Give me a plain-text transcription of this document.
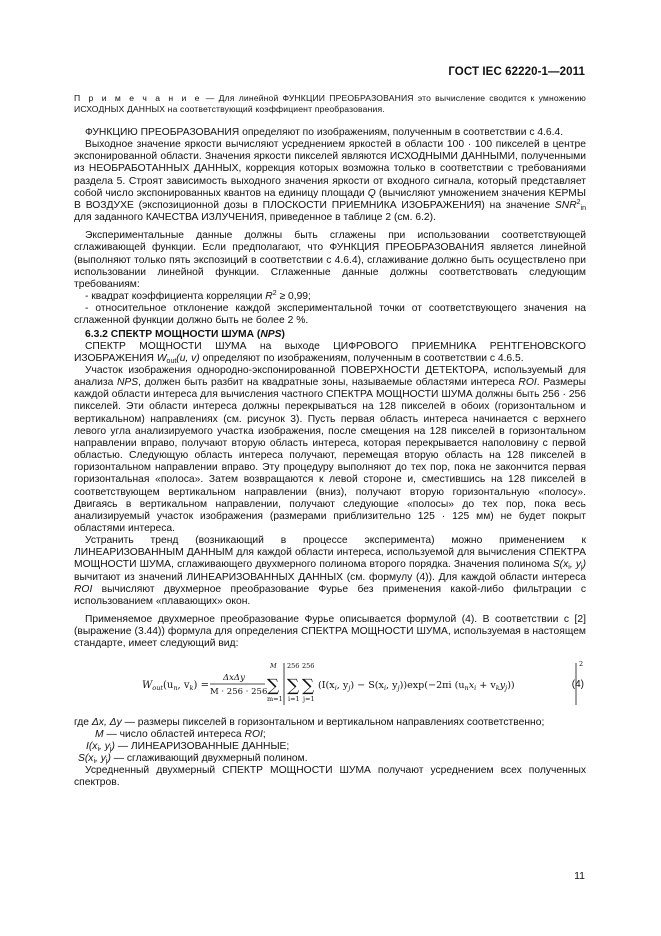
ГОСТ IEC 62220-1—2011

П р и м е ч а н и е — Для линейной ФУНКЦИИ ПРЕОБРАЗОВАНИЯ это вычисление сводится к умножению ИСХОДНЫХ ДАННЫХ на соответствующий коэффициент преобразования.

ФУНКЦИЮ ПРЕОБРАЗОВАНИЯ определяют по изображениям, полученным в соответствии с 4.6.4.

Выходное значение яркости вычисляют усреднением яркостей в области 100 · 100 пикселей в центре экспонированной области. Значения яркости пикселей являются ИСХОДНЫМИ ДАННЫМИ, полученными из НЕОБРАБОТАННЫХ ДАННЫХ, коррекция которых возможна только в соответствии с требованиями раздела 5. Строят зависимость выходного значения яркости от входного сигнала, который представляет собой число экспонированных квантов на единицу площади Q (вычисляют умножением значения КЕРМЫ В ВОЗДУХЕ (экспозиционной дозы в ПЛОСКОСТИ ПРИЕМНИКА ИЗОБРАЖЕНИЯ) на значение $SNR^2_{in}$ для заданного КАЧЕСТВА ИЗЛУЧЕНИЯ, приведенное в таблице 2 (см. 6.2).

Экспериментальные данные должны быть сглажены при использовании соответствующей сглаживающей функции. Если предполагают, что ФУНКЦИЯ ПРЕОБРАЗОВАНИЯ является линейной (выполняют только пять экспозиций в соответствии с 4.6.4), сглаживание должно быть осуществлено при использовании линейной функции. Сглаженные данные должны соответствовать следующим требованиям:

- квадрат коэффициента корреляции $R^2 \ge 0,99$;

- относительное отклонение каждой экспериментальной точки от соответствующего значения на сглаженной функции должно быть не более 2 %.

6.3.2 СПЕКТР МОЩНОСТИ ШУМА (NPS)

СПЕКТР МОЩНОСТИ ШУМА на выходе ЦИФРОВОГО ПРИЕМНИКА РЕНТГЕНОВСКОГО ИЗОБРАЖЕНИЯ $W_{out}(u$, v) определяют по изображениям, полученным в соответствии с 4.6.5.

Участок изображения однородно-экспонированной ПОВЕРХНОСТИ ДЕТЕКТОРА, используемый для анализа NPS, должен быть разбит на квадратные зоны, называемые областями интереса ROI. Размеры каждой области интереса для вычисления частного СПЕКТРА МОЩНОСТИ ШУМА должны быть 256 · 256 пикселей. Эти области интереса должны перекрываться на 128 пикселей в обоих (горизонтальном и вертикальном) направлениях (см. рисунок 3). Пусть первая область интереса начинается с верхнего левого угла анализируемого участка изображения, после смещения на 128 пикселей в горизонтальном направлении вправо, получают вторую область интереса, которая перекрывается наполовину с первой областью. Следующую область интереса получают, перемещая вторую область на 128 пикселей в горизонтальном направлении вправо. Эту процедуру выполняют до тех пор, пока не закончится первая горизонтальная «полоса». Затем возвращаются к левой стороне и, сместившись на 128 пикселей в соответствующем вертикальном направлении (вниз), получают вторую горизонтальную «полосу». Двигаясь в вертикальном направлении, получают следующие «полосы» до тех пор, пока весь анализируемый участок изображения (размерами приблизительно 125 · 125 мм) не будет покрыт областями интереса.

Устранить тренд (возникающий в процессе эксперимента) можно применением к ЛИНЕАРИЗОВАННЫМ ДАННЫМ для каждой области интереса, используемой для вычисления СПЕКТРА МОЩНОСТИ ШУМА, сглаживающего двухмерного полинома второго порядка. Значения полинома $S(x_i$, $y_j$) вычитают из значений ЛИНЕАРИЗОВАННЫХ ДАННЫХ (см. формулу (4)). Для каждой области интереса ROI вычисляют двухмерное преобразование Фурье без применения какой-либо фильтрации с использованием «плавающих» окон.

Применяемое двухмерное преобразование Фурье описывается формулой (4). В соответствии с [2] (выражение (3.44)) формула для определения СПЕКТРА МОЩНОСТИ ШУМА, используемая в настоящем стандарте, имеет следующий вид:

$W_{out}(u_n$, $v_k$) =
ΔxΔy
M · 256 · 256
M
∑
m=1
256
∑
i=1
256
∑
j=1
($I(x_i$, $y_j) - S(x_i$, $y_j))\exp(-2\pi i$ $(u_nx_i + v_ky_j)$)
2
(4)

где Δx, Δy — размеры пикселей в горизонтальном и вертикальном направлениях соответственно;

M — число областей интереса ROI;

$I(x_i$, $y_j$) — ЛИНЕАРИЗОВАННЫЕ ДАННЫЕ;

$S(x_i$, $y_j$) — сглаживающий двухмерный полином.

Усредненный двухмерный СПЕКТР МОЩНОСТИ ШУМА получают усреднением всех полученных спектров.

11
